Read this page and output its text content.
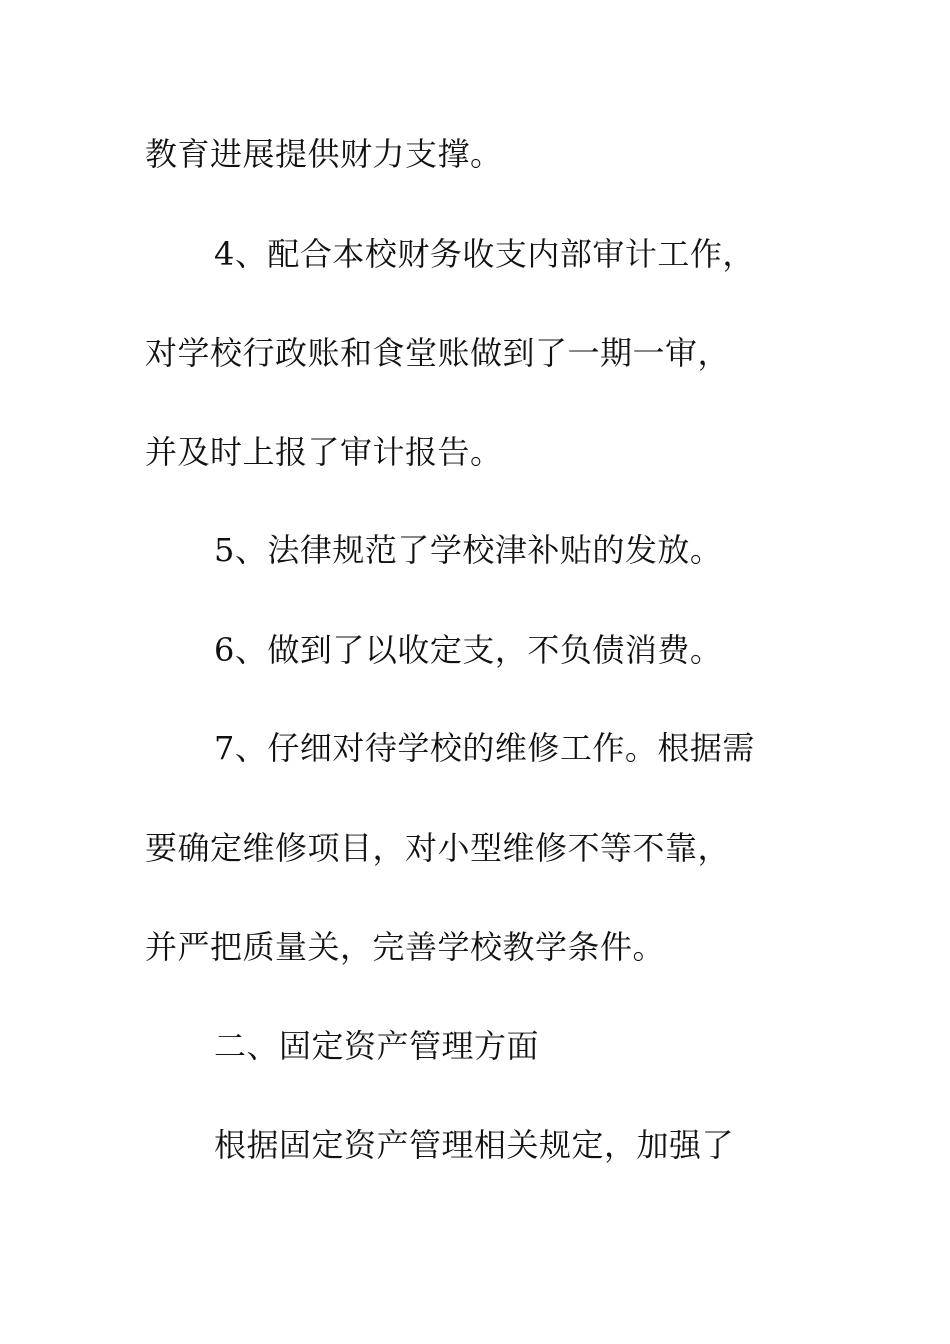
教育进展提供财力支撑。
4、配合本校财务收支内部审计工作，
对学校行政账和食堂账做到了一期一审，
并及时上报了审计报告。
5、法律规范了学校津补贴的发放。
6、做到了以收定支，不负债消费。
7、仔细对待学校的维修工作。根据需
要确定维修项目，对小型维修不等不靠，
并严把质量关，完善学校教学条件。
二、固定资产管理方面
根据固定资产管理相关规定，加强了
